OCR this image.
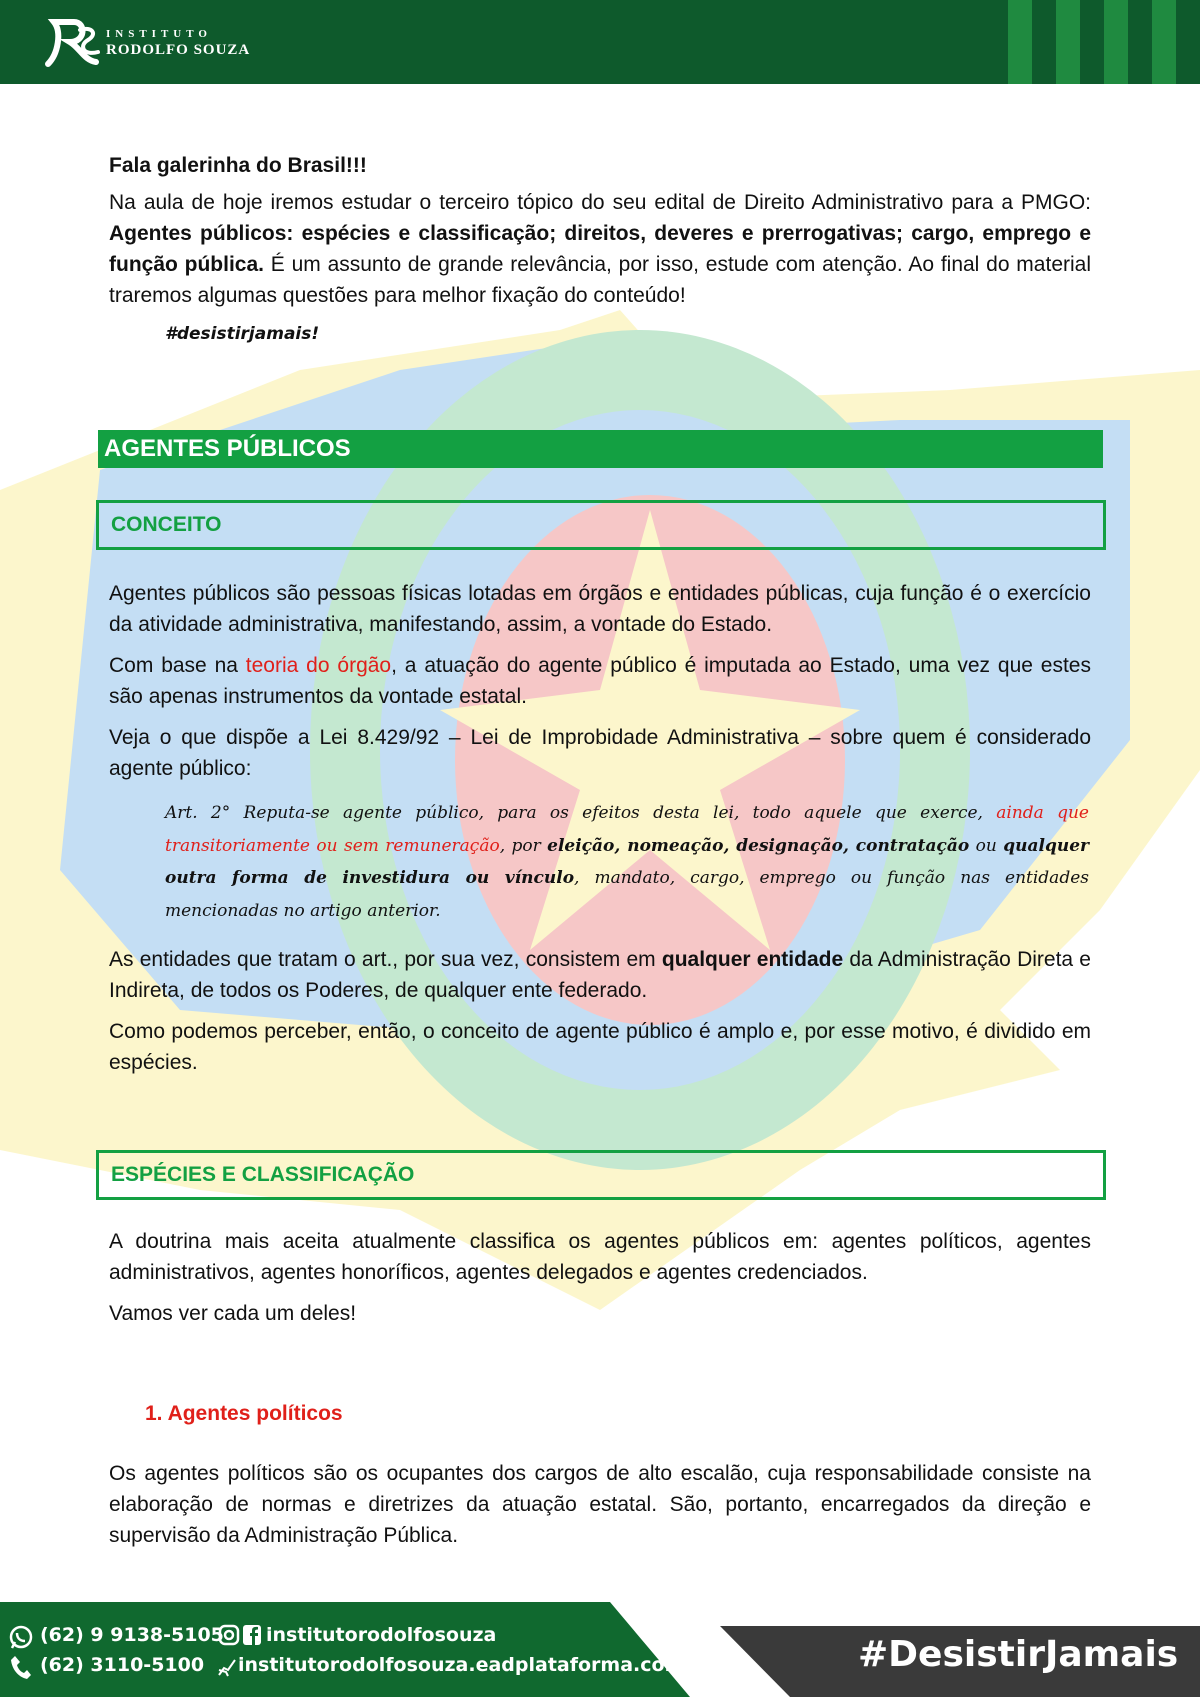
INSTITUTO
RODOLFO SOUZA

Fala galerinha do Brasil!!!

Na aula de hoje iremos estudar o terceiro tópico do seu edital de Direito Administrativo para a PMGO: Agentes públicos: espécies e classificação; direitos, deveres e prerrogativas; cargo, emprego e função pública. É um assunto de grande relevância, por isso, estude com atenção. Ao final do material traremos algumas questões para melhor fixação do conteúdo!

#desistirjamais!
AGENTES PÚBLICOS
CONCEITO

Agentes públicos são pessoas físicas lotadas em órgãos e entidades públicas, cuja função é o exercício da atividade administrativa, manifestando, assim, a vontade do Estado.

Com base na teoria do órgão, a atuação do agente público é imputada ao Estado, uma vez que estes são apenas instrumentos da vontade estatal.

Veja o que dispõe a Lei 8.429/92 – Lei de Improbidade Administrativa – sobre quem é considerado agente público:

Art. 2° Reputa-se agente público, para os efeitos desta lei, todo aquele que exerce, ainda que transitoriamente ou sem remuneração, por eleição, nomeação, designação, contratação ou qualquer outra forma de investidura ou vínculo, mandato, cargo, emprego ou função nas entidades mencionadas no artigo anterior.

As entidades que tratam o art., por sua vez, consistem em qualquer entidade da Administração Direta e Indireta, de todos os Poderes, de qualquer ente federado.

Como podemos perceber, então, o conceito de agente público é amplo e, por esse motivo, é dividido em espécies.

ESPÉCIES E CLASSIFICAÇÃO

A doutrina mais aceita atualmente classifica os agentes públicos em: agentes políticos, agentes administrativos, agentes honoríficos, agentes delegados e agentes credenciados.

Vamos ver cada um deles!

1. Agentes políticos

Os agentes políticos são os ocupantes dos cargos de alto escalão, cuja responsabilidade consiste na elaboração de normas e diretrizes da atuação estatal. São, portanto, encarregados da direção e supervisão da Administração Pública.

(62) 9 9138-5105
(62) 3110-5100
institutorodolfosouza
institutorodolfosouza.eadplataforma.com	#DesistirJamais
